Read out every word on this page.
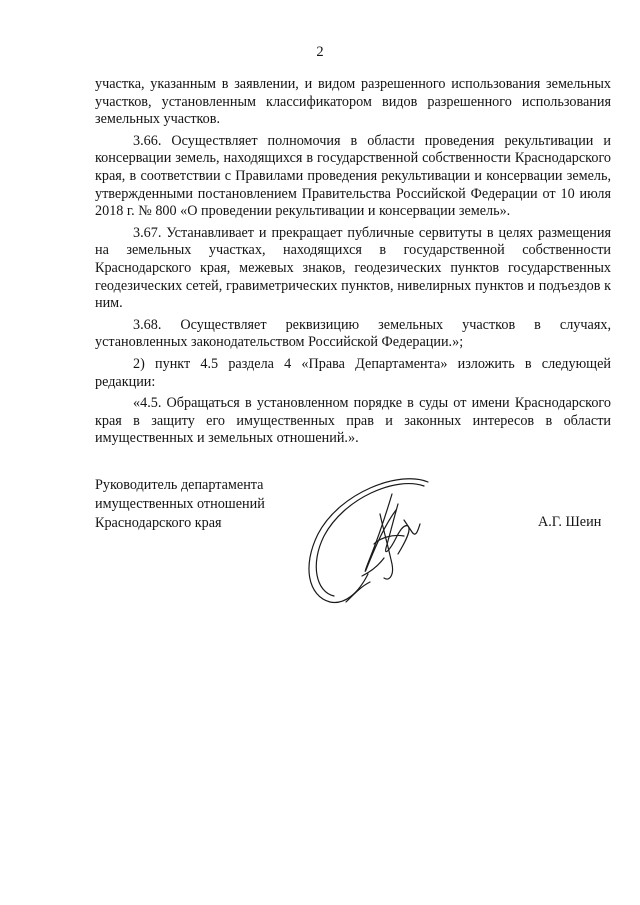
2

участка, указанным в заявлении, и видом разрешенного использования земельных участков, установленным классификатором видов разрешенного использования земельных участков.

3.66. Осуществляет полномочия в области проведения рекультивации и консервации земель, находящихся в государственной собственности Краснодарского края, в соответствии с Правилами проведения рекультивации и консервации земель, утвержденными постановлением Правительства Российской Федерации от 10 июля 2018 г. № 800 «О проведении рекультивации и консервации земель».

3.67. Устанавливает и прекращает публичные сервитуты в целях размещения на земельных участках, находящихся в государственной собственности Краснодарского края, межевых знаков, геодезических пунктов государственных геодезических сетей, гравиметрических пунктов, нивелирных пунктов и подъездов к ним.

3.68. Осуществляет реквизицию земельных участков в случаях, установленных законодательством Российской Федерации.»;

2) пункт 4.5 раздела 4 «Права Департамента» изложить в следующей редакции:

«4.5. Обращаться в установленном порядке в суды от имени Краснодарского края в защиту его имущественных прав и законных интересов в области имущественных и земельных отношений.».

Руководитель департамента
имущественных отношений
Краснодарского края	А.Г. Шеин
